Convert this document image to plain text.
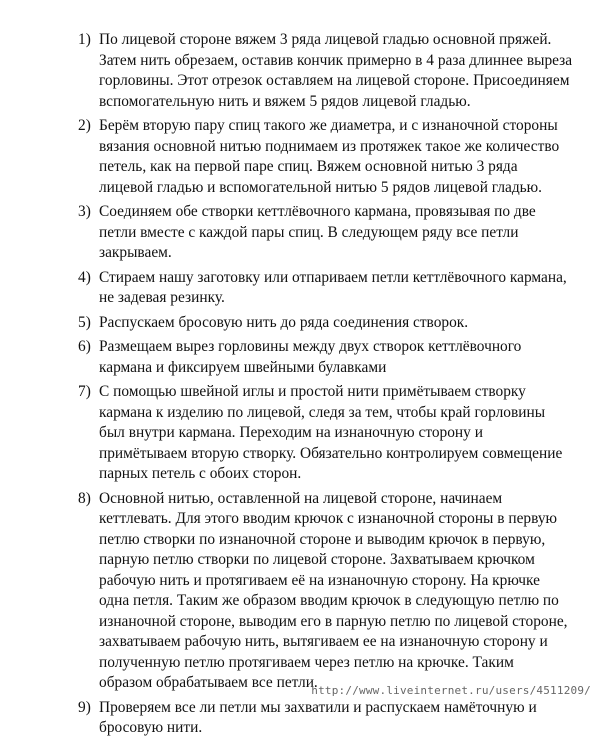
1) По лицевой стороне вяжем 3 ряда лицевой гладью основной пряжей.
Затем нить обрезаем, оставив кончик примерно в 4 раза длиннее выреза
горловины. Этот отрезок оставляем на лицевой стороне. Присоединяем
вспомогательную нить и вяжем 5 рядов лицевой гладью.
2) Берём вторую пару спиц такого же диаметра, и с изнаночной стороны
вязания основной нитью поднимаем из протяжек такое же количество
петель, как на первой паре спиц. Вяжем основной нитью 3 ряда
лицевой гладью и вспомогательной нитью 5 рядов лицевой гладью.
3) Соединяем обе створки кеттлёвочного кармана, провязывая по две
петли вместе с каждой пары спиц. В следующем ряду все петли
закрываем.
4) Стираем нашу заготовку или отпариваем петли кеттлёвочного кармана,
не задевая резинку.
5) Распускаем бросовую нить до ряда соединения створок.
6) Размещаем вырез горловины между двух створок кеттлёвочного
кармана и фиксируем швейными булавками
7) С помощью швейной иглы и простой нити примётываем створку
кармана к изделию по лицевой, следя за тем, чтобы край горловины
был внутри кармана. Переходим на изнаночную сторону и
примётываем вторую створку. Обязательно контролируем совмещение
парных петель с обоих сторон.
8) Основной нитью, оставленной на лицевой стороне, начинаем
кеттлевать. Для этого вводим крючок с изнаночной стороны в первую
петлю створки по изнаночной стороне и выводим крючок в первую,
парную петлю створки по лицевой стороне. Захватываем крючком
рабочую нить и протягиваем её на изнаночную сторону. На крючке
одна петля. Таким же образом вводим крючок в следующую петлю по
изнаночной стороне, выводим его в парную петлю по лицевой стороне,
захватываем рабочую нить, вытягиваем ее на изнаночную сторону и
полученную петлю протягиваем через петлю на крючке. Таким
образом обрабатываем все петли.
9) Проверяем все ли петли мы захватили и распускаем намёточную и
бросовую нити.
http://www.liveinternet.ru/users/4511209/
